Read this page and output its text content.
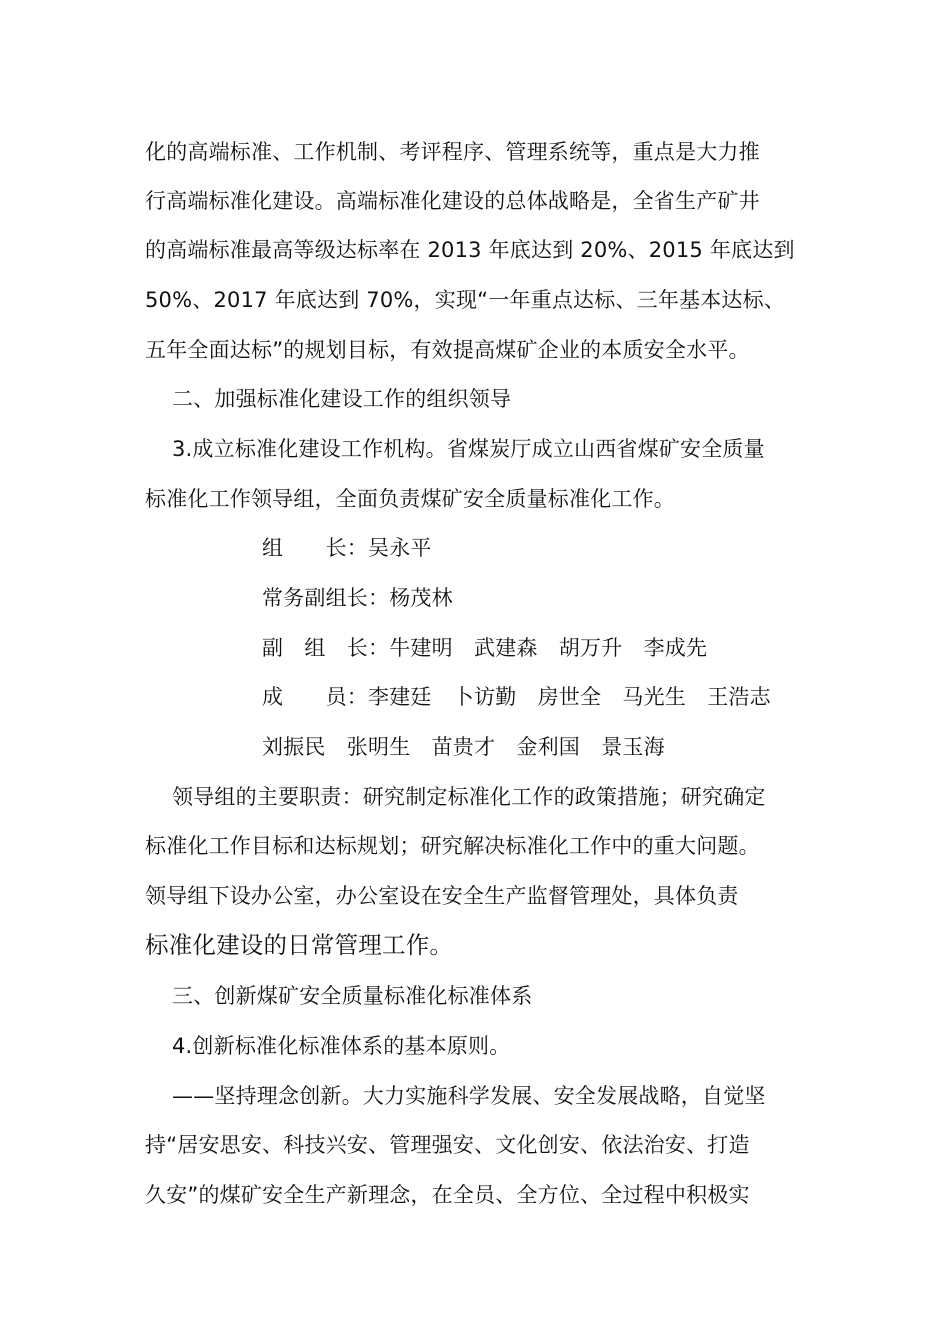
化的高端标准、工作机制、考评程序、管理系统等，重点是大力推
行高端标准化建设。高端标准化建设的总体战略是，全省生产矿井
的高端标准最高等级达标率在 2013 年底达到 20%、2015 年底达到
50%、2017 年底达到 70%，实现“一年重点达标、三年基本达标、
五年全面达标”的规划目标，有效提高煤矿企业的本质安全水平。
二、加强标准化建设工作的组织领导
3.成立标准化建设工作机构。省煤炭厅成立山西省煤矿安全质量
标准化工作领导组，全面负责煤矿安全质量标准化工作。
组　　长：吴永平
常务副组长：杨茂林
副　组　长：牛建明　武建森　胡万升　李成先
成　　员：李建廷　卜访勤　房世全　马光生　王浩志
刘振民　张明生　苗贵才　金利国　景玉海
领导组的主要职责：研究制定标准化工作的政策措施；研究确定
标准化工作目标和达标规划；研究解决标准化工作中的重大问题。
领导组下设办公室，办公室设在安全生产监督管理处，具体负责
标准化建设的日常管理工作。
三、创新煤矿安全质量标准化标准体系
4.创新标准化标准体系的基本原则。
——坚持理念创新。大力实施科学发展、安全发展战略，自觉坚
持“居安思安、科技兴安、管理强安、文化创安、依法治安、打造
久安”的煤矿安全生产新理念，在全员、全方位、全过程中积极实
